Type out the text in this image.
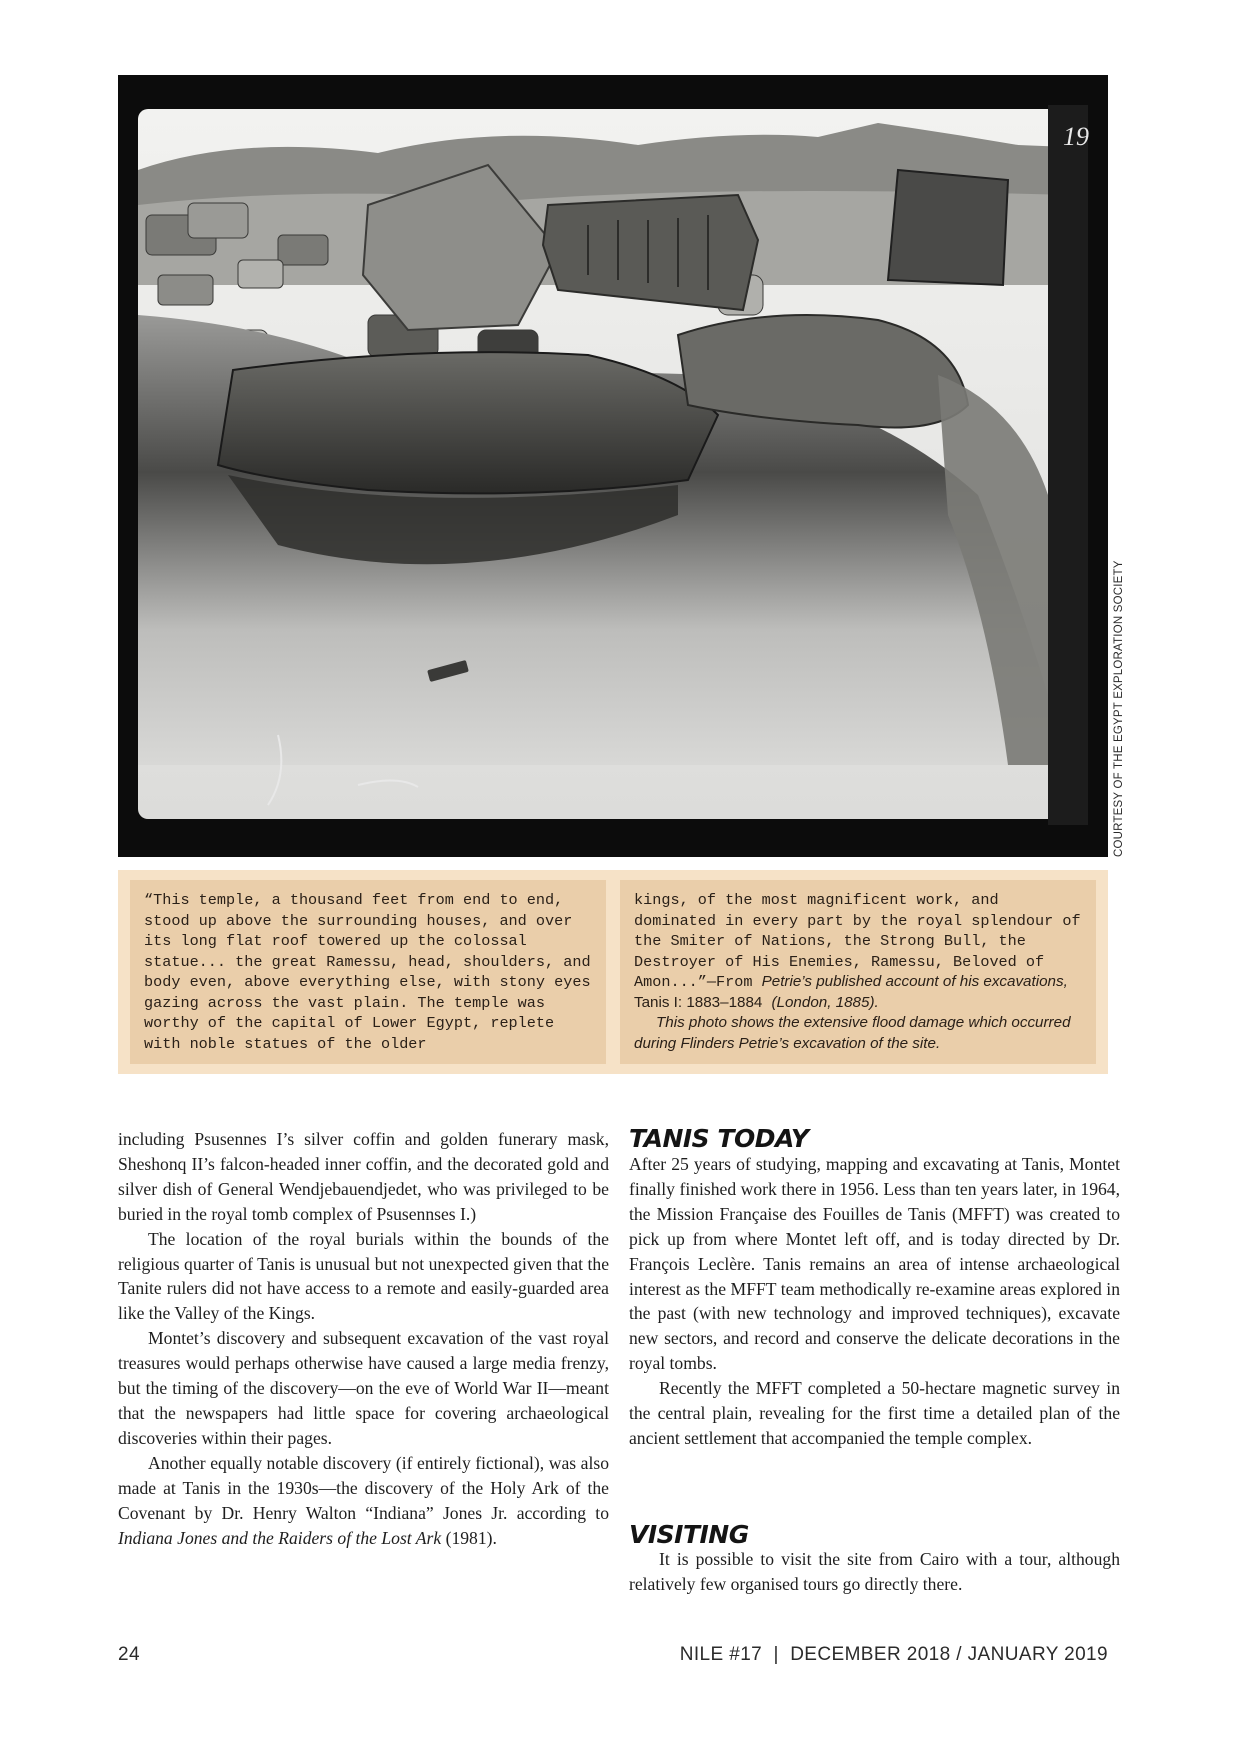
19
COURTESY OF THE EGYPT EXPLORATION SOCIETY

“This temple, a thousand feet from end to end, stood up above the surrounding houses, and over its long flat roof towered up the colossal statue... the great Ramessu, head, shoulders, and body even, above everything else, with stony eyes gazing across the vast plain. The temple was worthy of the capital of Lower Egypt, replete with noble statues of the older

kings, of the most magnificent work, and dominated in every part by the royal splendour of the Smiter of Nations, the Strong Bull, the Destroyer of His Enemies, Ramessu, Beloved of Amon...”—From Petrie’s published account of his excavations, Tanis I: 1883–1884 (London, 1885).
This photo shows the extensive flood damage which occurred during Flinders Petrie’s excavation of the site.

including Psusennes I’s silver coffin and golden funerary mask, Sheshonq II’s falcon-headed inner coffin, and the decorated gold and silver dish of General Wendjebauendjedet, who was privileged to be buried in the royal tomb complex of Psusennses I.)

The location of the royal burials within the bounds of the religious quarter of Tanis is unusual but not unexpected given that the Tanite rulers did not have access to a remote and easily-guarded area like the Valley of the Kings.

Montet’s discovery and subsequent excavation of the vast royal treasures would perhaps otherwise have caused a large media frenzy, but the timing of the discovery—on the eve of World War II—meant that the newspapers had little space for covering archaeological discoveries within their pages.

Another equally notable discovery (if entirely fictional), was also made at Tanis in the 1930s—the discovery of the Holy Ark of the Covenant by Dr. Henry Walton “Indiana” Jones Jr. according to Indiana Jones and the Raiders of the Lost Ark (1981).

TANIS TODAY

After 25 years of studying, mapping and excavating at Tanis, Montet finally finished work there in 1956. Less than ten years later, in 1964, the Mission Française des Fouilles de Tanis (MFFT) was created to pick up from where Montet left off, and is today directed by Dr. François Leclère. Tanis remains an area of intense archaeological interest as the MFFT team methodically re-examine areas explored in the past (with new technology and improved techniques), excavate new sectors, and record and conserve the delicate decorations in the royal tombs.

Recently the MFFT completed a 50-hectare magnetic survey in the central plain, revealing for the first time a detailed plan of the ancient settlement that accompanied the temple complex.

VISITING

It is possible to visit the site from Cairo with a tour, although relatively few organised tours go directly there.

24	NILE #17  |  DECEMBER 2018 / JANUARY 2019
